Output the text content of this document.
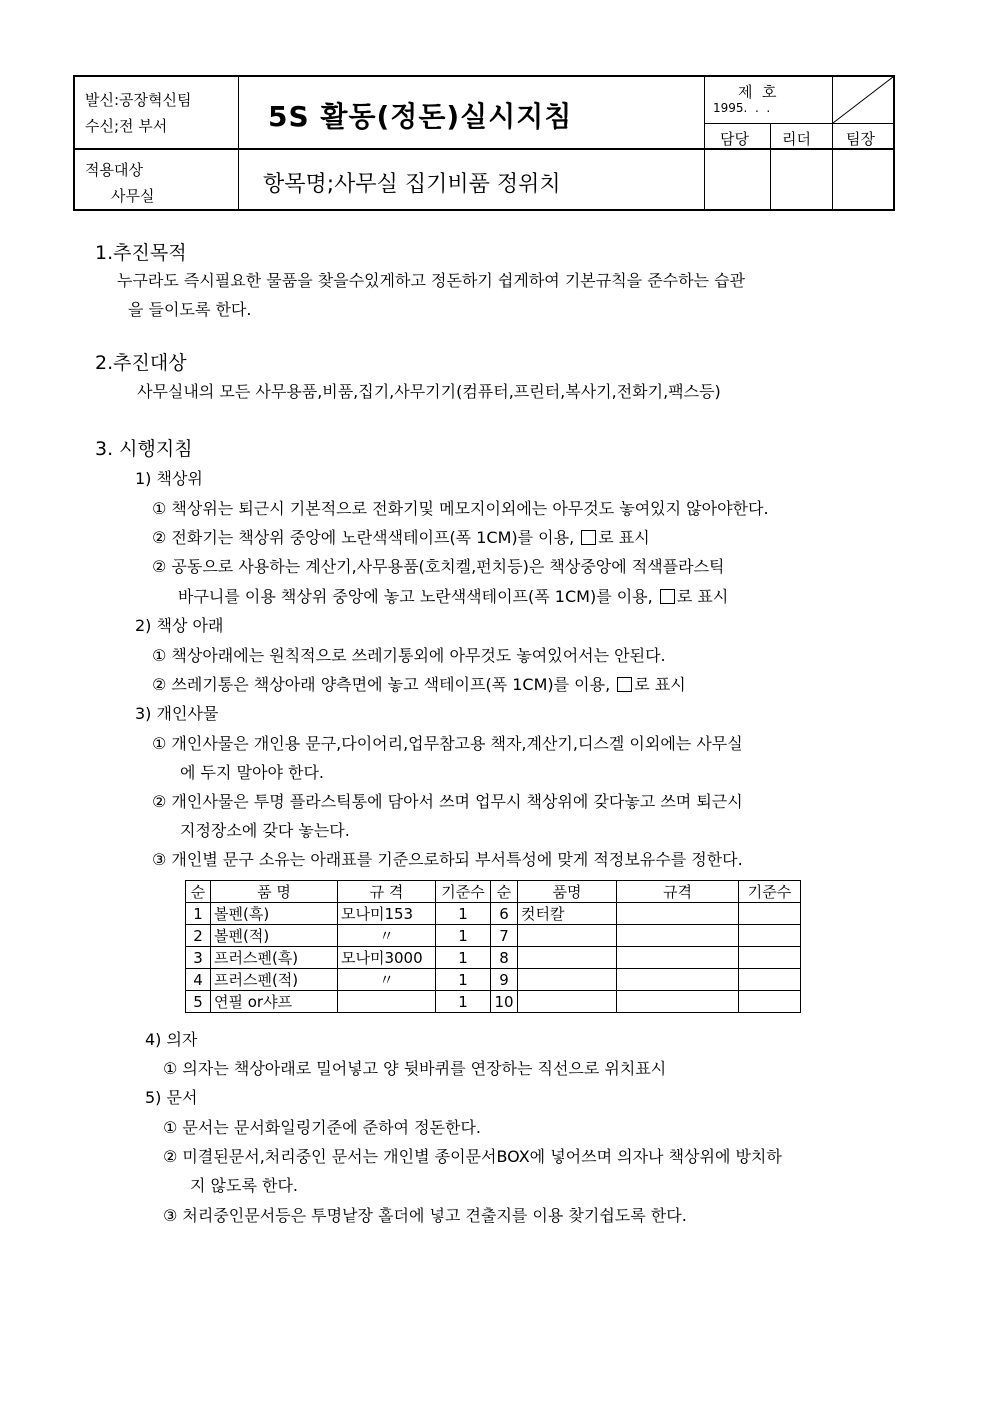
발신:공장혁신팀
수신;전 부서	5S 활동(정돈)실시지침
제  호
1995.  .  .
담당 리더 팀장
적용대상
사무실	항목명;사무실 집기비품 정위치
1.추진목적
누구라도 즉시필요한 물품을 찾을수있게하고 정돈하기 쉽게하여 기본규칙을 준수하는 습관
을 들이도록 한다.
2.추진대상
사무실내의 모든 사무용품,비품,집기,사무기기(컴퓨터,프린터,복사기,전화기,팩스등)
3. 시행지침
1) 책상위
① 책상위는 퇴근시 기본적으로 전화기및 메모지이외에는 아무것도 놓여있지 않아야한다.
② 전화기는 책상위 중앙에 노란색색테이프(폭 1CM)를 이용, 로 표시
② 공동으로 사용하는 계산기,사무용품(호치켈,펀치등)은 책상중앙에 적색플라스틱
바구니를 이용 책상위 중앙에 놓고 노란색색테이프(폭 1CM)를 이용, 로 표시
2) 책상 아래
① 책상아래에는 원칙적으로 쓰레기통외에 아무것도 놓여있어서는 안된다.
② 쓰레기통은 책상아래 양측면에 놓고 색테이프(폭 1CM)를 이용, 로 표시
3) 개인사물
① 개인사물은 개인용 문구,다이어리,업무참고용 책자,계산기,디스겔 이외에는 사무실
에 두지 말아야 한다.
② 개인사물은 투명 플라스틱통에 담아서 쓰며 업무시 책상위에 갖다놓고 쓰며 퇴근시
지정장소에 갖다 놓는다.
③ 개인별 문구 소유는 아래표를 기준으로하되 부서특성에 맞게 적정보유수를 정한다.
순	품 명	규 격	기준수	순	품명	규격	기준수
1	볼펜(흑)	모나미153	1	6	컷터칼		
2	볼펜(적)	〃	1	7			
3	프러스펜(흑)	모나미3000	1	8			
4	프러스펜(적)	〃	1	9			
5	연필 or샤프		1	10			
4) 의자
① 의자는 책상아래로 밀어넣고 양 뒷바퀴를 연장하는 직선으로 위치표시
5) 문서
① 문서는 문서화일링기준에 준하여 정돈한다.
② 미결된문서,처리중인 문서는 개인별 종이문서BOX에 넣어쓰며 의자나 책상위에 방치하
지 않도록 한다.
③ 처리중인문서등은 투명낱장 홀더에 넣고 견출지를 이용 찾기쉽도록 한다.
